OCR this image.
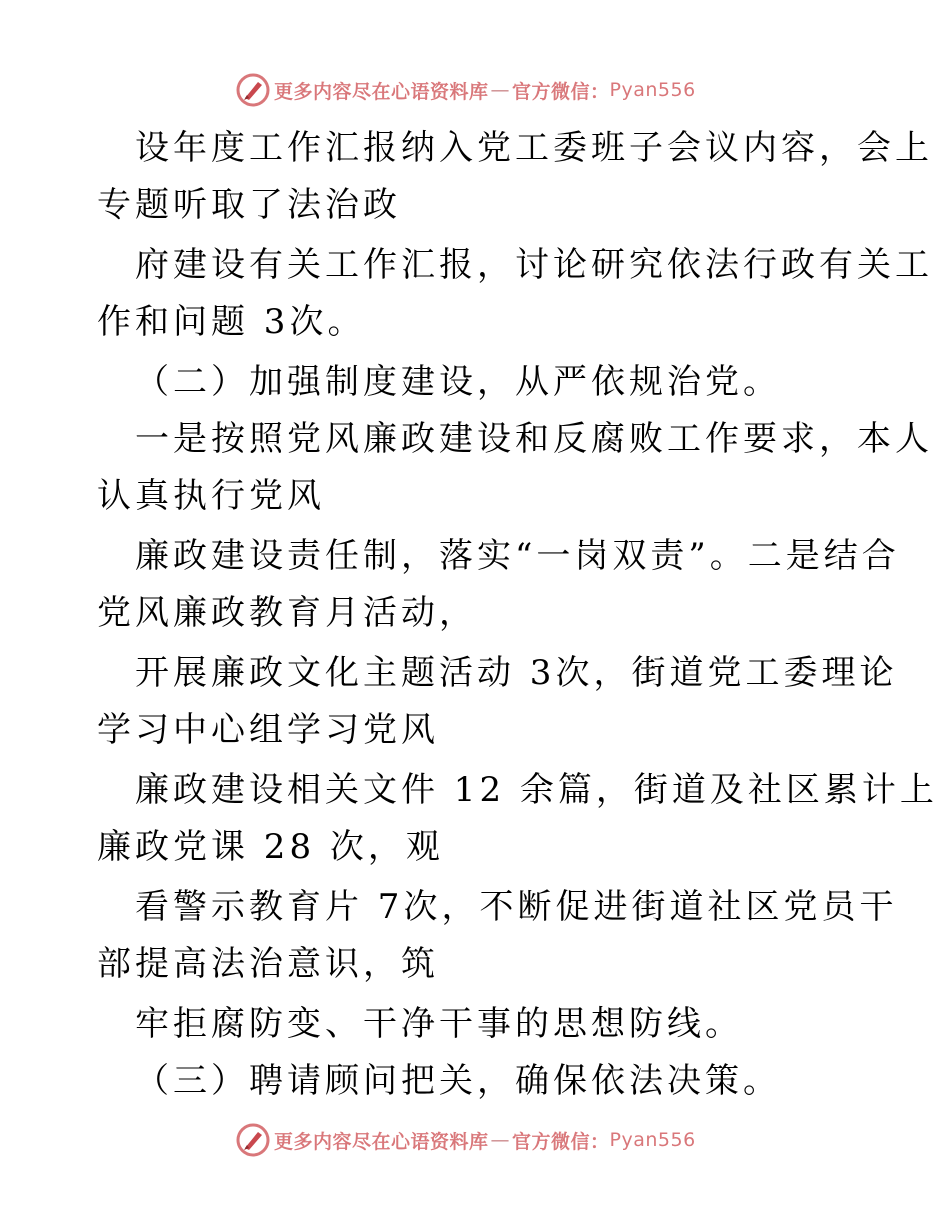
更多内容尽在心语资料库 — 官方微信： Pyan556
设年度工作汇报纳入党工委班子会议内容，会上
专题听取了法治政
府建设有关工作汇报，讨论研究依法行政有关工
作和问题 3次。
（二）加强制度建设，从严依规治党。
一是按照党风廉政建设和反腐败工作要求，本人
认真执行党风
廉政建设责任制，落实“一岗双责”。二是结合
党风廉政教育月活动，
开展廉政文化主题活动 3次，街道党工委理论
学习中心组学习党风
廉政建设相关文件 12 余篇，街道及社区累计上
廉政党课 28 次，观
看警示教育片 7次，不断促进街道社区党员干
部提高法治意识，筑
牢拒腐防变、干净干事的思想防线。
（三）聘请顾问把关，确保依法决策。
更多内容尽在心语资料库 — 官方微信： Pyan556
